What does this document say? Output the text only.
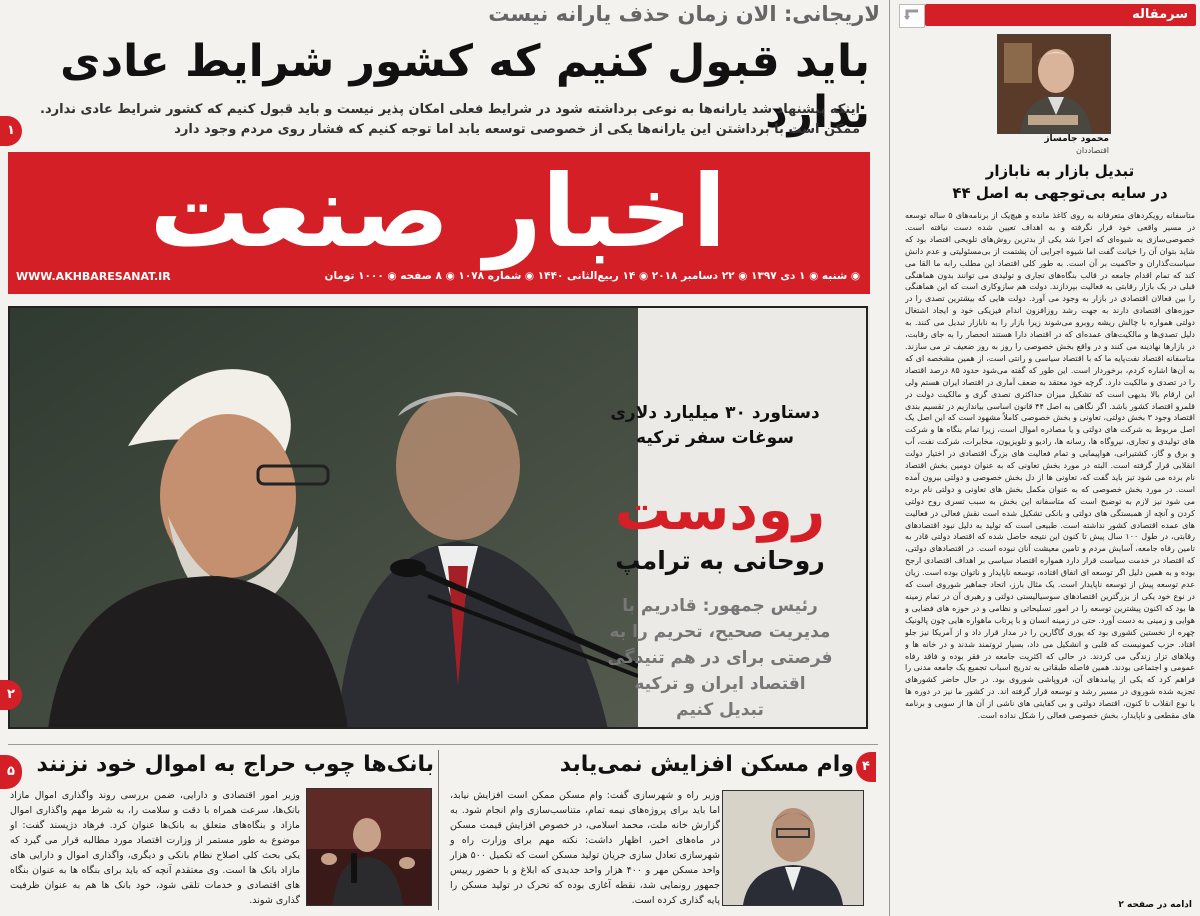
سرمقاله
محمود جامساز
اقتصاددان
تبدیل بازار به نابازار
در سایه بی‌توجهی به اصل ۴۴
متاسفانه رویکردهای متعرفانه به روی کاغذ مانده و هیچ‌یک از برنامه‌های ۵ ساله توسعه در مسیر واقعی خود قرار نگرفته و به اهداف تعیین شده دست نیافته است. خصوصی‌سازی به شیوه‌ای که اجرا شد یکی از بدترین روش‌های تلویحی اقتصاد بود که شاید بتوان آن را خیانت گفت اما شیوه اجرایی آن پشتمت از بی‌مسئولیتی و عدم دانش سیاست‌گذاران و حاکمیت بر آن است. به طور کلی اقتصاد این مطلب رابه ما القا می کند که تمام اقدام جامعه در قالب بنگاه‌های تجاری و تولیدی می توانند بدون هماهنگی قبلی در یک بازار رقابتی به فعالیت بپردازند. دولت هم سازوکاری است که این هماهنگی را بین فعالان اقتصادی در بازار به وجود می آورد. دولت هایی که بیشترین تصدی را در حوزه‌های اقتصادی دارند به جهت رشد روزافزون اندام فیزیکی خود و ایجاد اشتغال دولتی همواره با چالش ریشه روبرو می‌شوند زیرا بازار را به نابازار تبدیل می کنند. به دلیل تصدی‌ها و مالکیت‌های عمده‌ای که در اقتصاد دارا هستند انحصار را به جای رقابت، در بازارها نهادینه می کنند و در واقع بخش خصوصی را روز به روز ضعیف تر می سازند. متاسفانه اقتصاد نفت‌پایه ما که با اقتصاد سیاسی و رانتی است، از همین مشخصه ای که به آن‌ها اشاره کردم، برخوردار است. این طور که گفته می‌شود حدود ۸۵ درصد اقتصاد را در تصدی و مالکیت دارد. گرچه خود معتقد به ضعف آماری در اقتصاد ایران هستم ولی این ارقام بالا بدیهی است که تشکیل میزان حداکثری تصدی گری و مالکیت دولت در قلمرو اقتصاد کشور باشد. اگر نگاهی به اصل ۴۴ قانون اساسی بیاندازیم در تقسیم بندی اقتصاد وجود ۳ بخش دولتی، تعاونی و بخش خصوصی کاملاً مشهود است که این اصل یک اصل مربوط به شرکت های دولتی و یا مصادره اموال است، زیرا تمام بنگاه ها و شرکت های تولیدی و تجاری، نیروگاه ها، رسانه ها، رادیو و تلویزیون، مخابرات، شرکت نفت، آب و برق و گاز، کشتیرانی، هواپیمایی و تمام فعالیت های بزرگ اقتصادی در اختیار دولت انقلابی قرار گرفته است. البته در مورد بخش تعاونی که به عنوان دومین بخش اقتصاد نام برده می شود تیز باید گفت که، تعاونی ها از دل بخش خصوصی و دولتی بیرون آمده است. در مورد بخش خصوصی که به عنوان مکمل بخش های تعاونی و دولتی نام برده می شود نیز لازم به توضیح است که متاسفانه این بخش به سبب تسری روح دولتی کردن و آنچه از همبستگی های دولتی و بانکی تشکیل شده است نقش فعالی در فعالیت های عمده اقتصادی کشور نداشته است. طبیعی است که تولید به دلیل نبود اقتصادهای رقابتی، در طول ۱۰۰ سال پیش تا کنون این نتیجه حاصل شده که اقتصاد دولتی قادر به تامین رفاه جامعه، آسایش مردم و تامین معیشت آنان نبوده است. در اقتصادهای دولتی، که اقتصاد در خدمت سیاست قرار دارد همواره اقتصاد سیاسی بر اهداف اقتصادی ارجح بوده و به همین دلیل اگر توسعه ای اتفاق افتاده، توسعه ناپایدار و ناتوان بوده است. زیان عدم توسعه پیش از توسعه ناپایدار است. یک مثال بارز، اتحاد جماهیر شوروی است که در نوع خود یکی از بزرگترین اقتصادهای سوسیالیستی دولتی و رهبری آن در تمام زمینه ها بود که اکنون پیشترین توسعه را در امور تسلیحاتی و نظامی و در حوزه های فضایی و هوایی و زمینی به دست آورد. حتی در زمینه انسان و با پرتاب ماهواره هایی چون پالونیک چهره از نخستین کشوری بود که یوری گاگارین را در مدار قرار داد و از آمریکا نیز جلو افتاد. حزب کمونیست که قلبی و انشکیل می داد، بسیار ثروتمند شدند و در خانه ها و ویلاهای تزار زندگی می کردند. در حالی که اکثریت جامعه در فقر بوده و فاقد رفاه عمومی و اجتماعی بودند. همین فاصله طبقاتی به تدریج اسباب تجمیع یک جامعه مدنی را فراهم کرد که یکی از پیامدهای آن، فروپاشی شوروی بود. در حال حاضر کشورهای تجزیه شده شوروی در مسیر رشد و توسعه قرار گرفته اند. در کشور ما نیز در دوره ها با نوع انقلاب تا کنون، اقتصاد دولتی و بی کفایتی های ناشی از آن ها از سویی و برنامه های مقطعی و ناپایدار، بخش خصوصی فعالی را شکل نداده است.
ادامه در صفحه ۲
لاریجانی: الان زمان حذف یارانه نیست
باید قبول کنیم که کشور شرایط عادی ندارد
اینکه پیشنهاد شد یارانه‌ها به نوعی برداشته شود در شرایط فعلی امکان پذیر نیست و باید قبول کنیم که کشور شرایط عادی ندارد. ممکن است با برداشتن این یارانه‌ها یکی از خصوصی توسعه یابد اما توجه کنیم که فشار روی مردم وجود دارد
۱
اخبار صنعت
WWW.AKHBARESANAT.IR	◉ شنبه ◉ ۱ دی ۱۳۹۷ ◉ ۲۲ دسامبر ۲۰۱۸ ◉ ۱۴ ربیع‌الثانی ۱۴۴۰ ◉ شماره ۱۰۷۸ ◉ ۸ صفحه ◉ ۱۰۰۰ تومان
دستاورد ۳۰ میلیارد دلاری
سوغات سفر ترکیه
رودست
روحانی به ترامپ
رئیس جمهور: قادریم با
مدیریت صحیح، تحریم را به
فرصتی برای در هم تنیدگی
اقتصاد ایران و ترکیه
تبدیل کنیم
۲
۵	۴
بانک‌ها چوب حراج به اموال خود نزنند	وام مسکن افزایش نمی‌یابد
وزیر امور اقتصادی و دارایی، ضمن بررسی روند واگذاری اموال مازاد بانک‌ها، سرعت همراه با دقت و سلامت را، به شرط مهم واگذاری اموال مازاد و بنگاه‌های متعلق به بانک‌ها عنوان کرد. فرهاد دژپسند گفت: او موضوع به طور مستمر از وزارت اقتصاد مورد مطالبه قرار می گیرد که یکی بحث کلی اصلاح نظام بانکی و دیگری، واگذاری اموال و دارایی های مازاد بانک ها است. وی معتقدم آنچه که باید برای بنگاه ها به عنوان بنگاه های اقتصادی و خدمات تلقی شود، خود بانک ها هم به عنوان ظرفیت گذاری شوند.
وزیر راه و شهرسازی گفت: وام مسکن ممکن است افزایش نیابد، اما باید برای پروژه‌های نیمه تمام، متناسب‌سازی وام انجام شود. به گزارش خانه ملت، محمد اسلامی، در خصوص افزایش قیمت مسکن در ماه‌های اخیر، اظهار داشت: نکته مهم برای وزارت راه و شهرسازی تعادل سازی جریان تولید مسکن است که تکمیل ۵۰۰ هزار واحد مسکن مهر و ۴۰۰ هزار واحد جدیدی که ابلاغ و با حضور رییس جمهور رونمایی شد، نقطه آغازی بوده که تحرک در تولید مسکن را پایه گذاری کرده است.
